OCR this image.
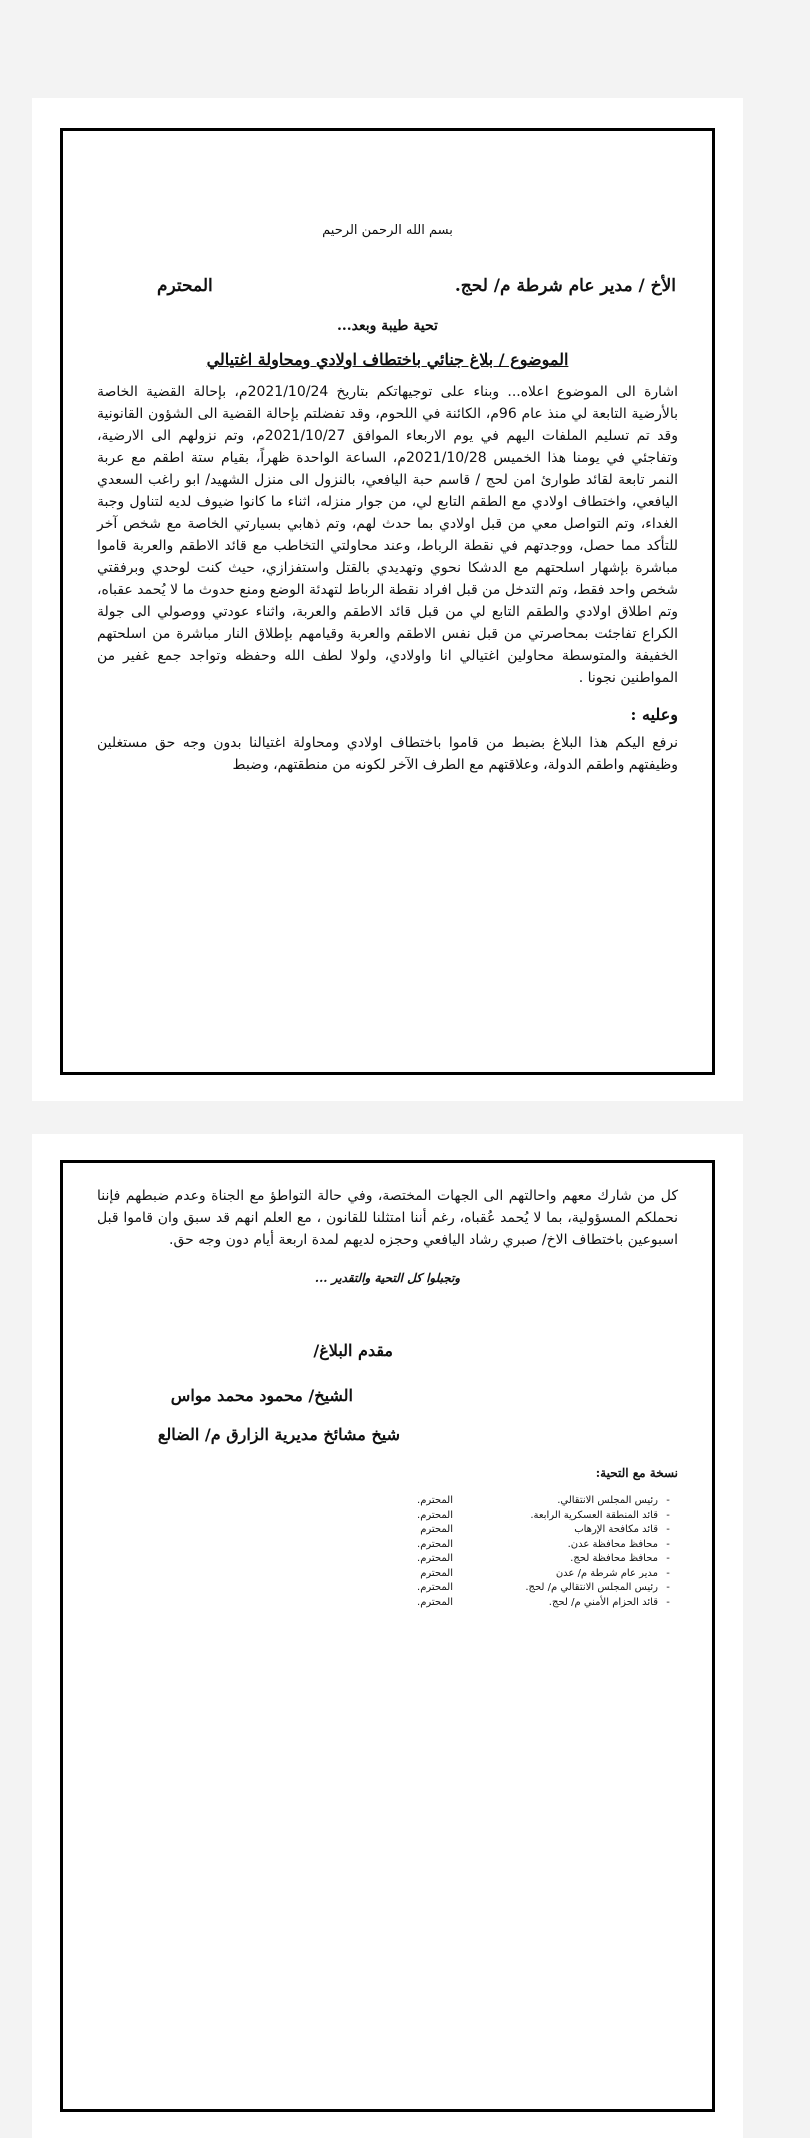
بسم الله الرحمن الرحيم
الأخ / مدير عام شرطة م/ لحج.
المحترم
تحية طيبة وبعد...
الموضوع / بلاغ جنائي باختطاف اولادي ومحاولة اغتيالي
اشارة الى الموضوع اعلاه... وبناء على توجيهاتكم بتاريخ 2021/10/24م، بإحالة القضية الخاصة بالأرضية التابعة لي منذ عام 96م، الكائنة في اللحوم، وقد تفضلتم بإحالة القضية الى الشؤون القانونية وقد تم تسليم الملفات اليهم في يوم الاربعاء الموافق 2021/10/27م، وتم نزولهم الى الارضية، وتفاجئي في يومنا هذا الخميس 2021/10/28م، الساعة الواحدة ظهراً، بقيام ستة اطقم مع عربة النمر تابعة لقائد طوارئ امن لحج / قاسم حبة اليافعي، بالنزول الى منزل الشهيد/ ابو راغب السعدي اليافعي، واختطاف اولادي مع الطقم التابع لي، من جوار منزله، اثناء ما كانوا ضيوف لديه لتناول وجبة الغداء، وتم التواصل معي من قبل اولادي بما حدث لهم، وتم ذهابي بسيارتي الخاصة مع شخص آخر للتأكد مما حصل، ووجدتهم في نقطة الرباط، وعند محاولتي التخاطب مع قائد الاطقم والعربة قاموا مباشرة بإشهار اسلحتهم مع الدشكا نحوي وتهديدي بالقتل واستفزازي، حيث كنت لوحدي وبرفقتي شخص واحد فقط، وتم التدخل من قبل افراد نقطة الرباط لتهدئة الوضع ومنع حدوث ما لا يُحمد عقباه، وتم اطلاق اولادي والطقم التابع لي من قبل قائد الاطقم والعربة، واثناء عودتي ووصولي الى جولة الكراع تفاجئت بمحاصرتي من قبل نفس الاطقم والعربة وقيامهم بإطلاق النار مباشرة من اسلحتهم الخفيفة والمتوسطة محاولين اغتيالي انا واولادي، ولولا لطف الله وحفظه وتواجد جمع غفير من المواطنين نجونا .
وعليه :
نرفع اليكم هذا البلاغ بضبط من قاموا باختطاف اولادي ومحاولة اغتيالنا بدون وجه حق مستغلين وظيفتهم واطقم الدولة، وعلاقتهم مع الطرف الآخر لكونه من منطقتهم، وضبط
كل من شارك معهم واحالتهم الى الجهات المختصة، وفي حالة التواطؤ مع الجناة وعدم ضبطهم فإننا نحملكم المسؤولية، بما لا يُحمد عُقباه، رغم أننا امتثلنا للقانون ، مع العلم انهم قد سبق وان قاموا قبل اسبوعين باختطاف الاخ/ صبري رشاد اليافعي وحجزه لديهم لمدة اربعة أيام دون وجه حق.
وتجبلوا كل التحية والتقدير ...
مقدم البلاغ/
الشيخ/ محمود محمد مواس
شيخ مشائخ مديرية الزارق م/ الضالع
نسخة مع التحية:
-
رئيس المجلس الانتقالي.
المحترم.
-
قائد المنطقة العسكرية الرابعة.
المحترم.
-
قائد مكافحة الإرهاب
المحترم
-
محافظ محافظة عدن.
المحترم.
-
محافظ محافظة لحج.
المحترم.
-
مدير عام شرطة م/ عدن
المحترم
-
رئيس المجلس الانتقالي م/ لحج.
المحترم.
-
قائد الحزام الأمني م/ لحج.
المحترم.
